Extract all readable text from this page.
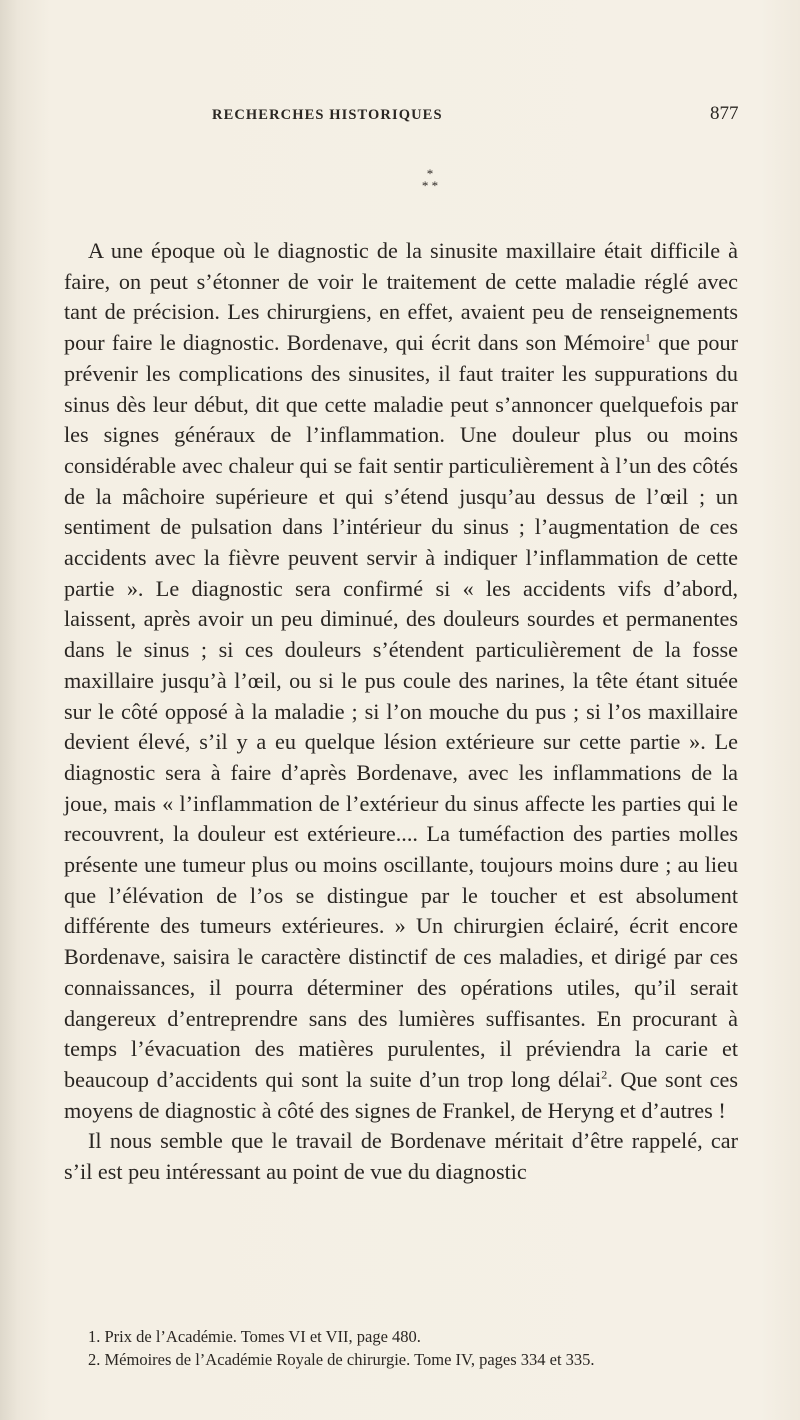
RECHERCHES HISTORIQUES	877
*
* *

A une époque où le diagnostic de la sinusite maxillaire était difficile à faire, on peut s’étonner de voir le traitement de cette maladie réglé avec tant de précision. Les chirurgiens, en effet, avaient peu de renseignements pour faire le diagnostic. Bordenave, qui écrit dans son Mémoire$^1$ que pour prévenir les complications des sinusites, il faut traiter les suppurations du sinus dès leur début, dit que cette maladie peut s’annoncer quelquefois par les signes généraux de l’inflammation. Une douleur plus ou moins considérable avec chaleur qui se fait sentir particulièrement à l’un des côtés de la mâchoire supérieure et qui s’étend jusqu’au dessus de l’œil ; un sentiment de pulsation dans l’intérieur du sinus ; l’augmentation de ces accidents avec la fièvre peuvent servir à indiquer l’inflammation de cette partie ». Le diagnostic sera confirmé si « les accidents vifs d’abord, laissent, après avoir un peu diminué, des douleurs sourdes et permanentes dans le sinus ; si ces douleurs s’étendent particulièrement de la fosse maxillaire jusqu’à l’œil, ou si le pus coule des narines, la tête étant située sur le côté opposé à la maladie ; si l’on mouche du pus ; si l’os maxillaire devient élevé, s’il y a eu quelque lésion extérieure sur cette partie ». Le diagnostic sera à faire d’après Bordenave, avec les inflammations de la joue, mais « l’inflammation de l’extérieur du sinus affecte les parties qui le recouvrent, la douleur est extérieure.... La tuméfaction des parties molles présente une tumeur plus ou moins oscillante, toujours moins dure ; au lieu que l’élévation de l’os se distingue par le toucher et est absolument différente des tumeurs extérieures. » Un chirurgien éclairé, écrit encore Bordenave, saisira le caractère distinctif de ces maladies, et dirigé par ces connaissances, il pourra déterminer des opérations utiles, qu’il serait dangereux d’entreprendre sans des lumières suffisantes. En procurant à temps l’évacuation des matières purulentes, il préviendra la carie et beaucoup d’accidents qui sont la suite d’un trop long délai$^2$. Que sont ces moyens de diagnostic à côté des signes de Frankel, de Heryng et d’autres !

Il nous semble que le travail de Bordenave méritait d’être rappelé, car s’il est peu intéressant au point de vue du diagnostic

1. Prix de l’Académie. Tomes VI et VII, page 480.

2. Mémoires de l’Académie Royale de chirurgie. Tome IV, pages 334 et 335.
